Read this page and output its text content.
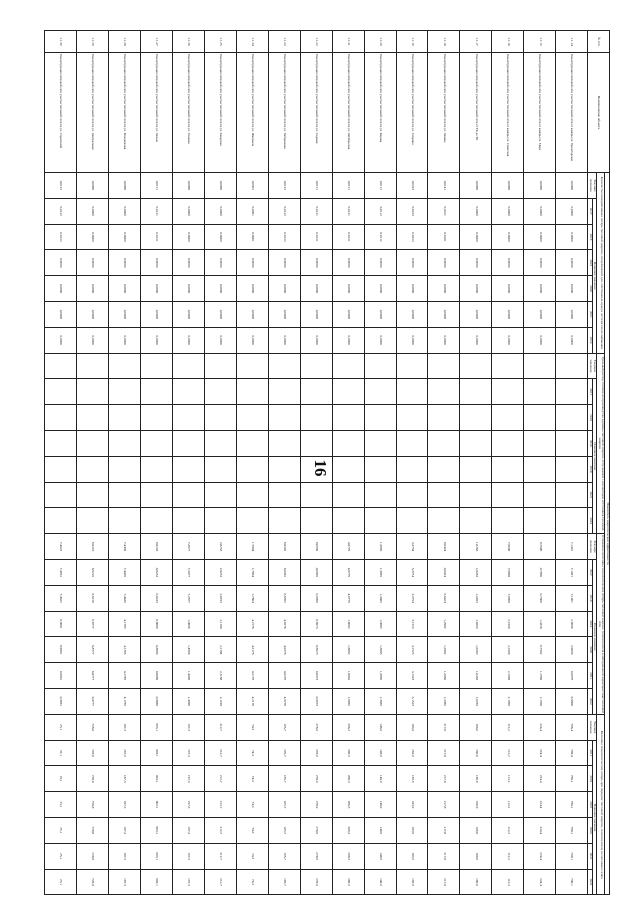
16
№ п/п	Наименование объекта	Показатель энергетической эффективности																											
		Количество ненормативных потерь тепловой энергии, потребляемой для собственных нужд в системе теплоснабжения							Удельный расход топлива на производство единицы тепловой энергии, отпускаемой с коллекторов источников тепловой энергии							Отношение величины технологических потерь тепловой энергии, теплоносителя к материальной характеристике тепловой сети							Величина технологических потерь при передаче тепловой энергии, теплоносителя по тепловым сетям						
		Текущее значение	Плановое значение						Текущее значение	Плановое значение						Текущее значение	Плановое значение						Текущее значение	Плановое значение					
			2017	2018	2019	2020	2021	2022		2017	2018	2019	2020	2021	2022		2017	2018	2019	2020	2021	2022		2017	2018	2019	2020	2021	2022
1.1.14	Реконструкция тепловой сети участка тепловой сети от камеры ул. Пролетарская	0,0000	0,0000	0,0000	0,0000	0,0000	0,0000	0,0000								7,1491	7,1491	7,1461	2,9696	2,9096	0,9976	0,9606	798,4	798,4	798,1	798,1	798,1	798,1	798,1
1.1.15	Реконструкция тепловой сети участка тепловой сети от камеры ул. Мира	0,0000	0,0000	0,0000	0,0000	0,0000	0,0000	0,0000								0,7906	0,7906	0,7906	1,3328	0,7582	1,1569	1,1569	224,4	224,4	224,4	224,4	224,4	224,4	224,4
1.1.16	Реконструкция тепловой сети участка тепловой сети от камеры ул. Советская	0,0000	0,0000	0,0000	0,0000	0,0000	0,0000	0,0000								7,9098	7,9098	7,9098	2,1999	2,1999	2,1999	2,1999	112,2	112,2	112,2	112,2	112,2	112,2	112,3
1.1.17	Реконструкция тепловой сети участка тепловой сети от ТК до ТК	0,0000	0,0000	0,0000	0,0000	0,0000	0,0000	0,0000								1,0263	1,0263	1,0263	1,0263	1,0263	1,0263	1,0263	166,6	166,6	166,6	166,6	166,6	166,6	166,6
1.1.18	Реконструкция тепловой сети участка тепловой сети по ул. Ленина	0,0141	0,0101	0,0101	0,0000	0,0000	0,0000	0,0000								0,6424	0,6424	0,6424	1,2982	1,2982	1,2982	1,2982	217,8	217,8	217,8	217,8	217,8	217,8	217,8
1.1.19	Реконструкция тепловой сети участка тепловой сети по ул. Гагарина	0,0223	0,0223	0,0223	0,0000	0,0000	0,0000	0,0000								3,3754	3,3754	3,3754	3,1523	3,1523	3,1523	3,1523	183,9	183,9	183,9	183,9	183,9	183,9	183,9
1.1.20	Реконструкция тепловой сети участка тепловой сети по ул. Кирова	0,0112	0,0112	0,0112	0,0000	0,0000	0,0000	0,0000								1,3685	1,3685	1,3685	1,3685	1,3685	1,3685	1,3685	148,9	148,9	148,9	148,9	148,9	148,9	148,9
1.1.21	Реконструкция тепловой сети участка тепловой сети по ул. Октябрьская	0,0121	0,0121	0,0121	0,0000	0,0000	0,0000	0,0000								4,6779	4,6779	4,6779	1,6062	1,6062	1,6062	1,6062	206,3	206,3	206,3	206,3	206,3	206,3	206,3
1.1.22	Реконструкция тепловой сети участка тепловой сети по ул. Садовая	0,0121	0,0121	0,0121	0,0000	0,0000	0,0000	0,0000								0,0999	0,0999	0,0999	0,6973	0,6973	0,6973	0,6973	278,9	278,9	278,9	278,9	278,9	278,9	278,9
1.1.23	Реконструкция тепловой сети участка тепловой сети по ул. Набережная	0,0122	0,0122	0,0122	0,0000	0,0000	0,0000	0,0000								6,8392	6,8392	6,8392	4,9276	4,9276	4,9276	4,9276	105,7	105,7	105,7	105,7	105,7	105,7	105,7
1.1.24	Реконструкция тепловой сети участка тепловой сети по ул. Школьная	0,0001	0,0001	0,0001	0,0000	0,0000	0,0000	0,0000								1,7864	1,7864	1,7864	4,2176	4,2176	4,2176	4,2176	74,3	74,3	74,3	74,3	74,3	74,3	74,3
1.1.25	Реконструкция тепловой сети участка тепловой сети по ул. Заводская	0,0000	0,0000	0,0000	0,0000	0,0000	0,0000	0,0000								2,8253	2,8253	2,8253	2,1188	2,1188	2,1188	2,1188	212,7	212,7	212,7	212,7	212,7	212,7	212,7
1.1.26	Реконструкция тепловой сети участка тепловой сети по ул. Полевая	0,0000	0,0000	0,0000	0,0000	0,0000	0,0000	0,0000								7,2077	7,2077	7,2077	1,4996	1,4996	1,4996	1,4996	197,3	197,3	197,3	197,3	197,3	197,3	197,3
1.1.27	Реконструкция тепловой сети участка тепловой сети по ул. Лесная	0,0121	0,0121	0,0121	0,0000	0,0000	0,0000	0,0000								0,8233	0,8233	0,8233	0,8689	0,8689	0,8689	0,8689	903,1	903,1	903,1	903,1	903,1	903,1	903,1
1.1.28	Реконструкция тепловой сети участка тепловой сети по ул. Молодёжная	0,0000	0,0000	0,0000	0,0000	0,0000	0,0000	0,0000								7,4439	7,4439	7,4439	4,1785	4,1785	4,1785	4,1785	187,3	187,3	187,3	187,3	187,3	187,3	187,3
1.1.29	Реконструкция тепловой сети участка тепловой сети по ул. Центральная	0,0000	0,0000	0,0000	0,0000	0,0000	0,0000	0,0000								6,6216	6,6216	6,6216	6,8777	6,8777	6,8777	6,8777	728,8	728,8	728,8	728,8	728,8	728,8	728,8
1.1.30	Реконструкция тепловой сети участка тепловой сети по ул. Строителей	0,0122	0,0122	0,0122	0,0000	0,0000	0,0000	0,0000								7,4922	7,4922	7,4922	0,9661	0,9661	0,9661	0,9661	25,1	25,1	25,1	25,1	25,1	25,1	25,1
